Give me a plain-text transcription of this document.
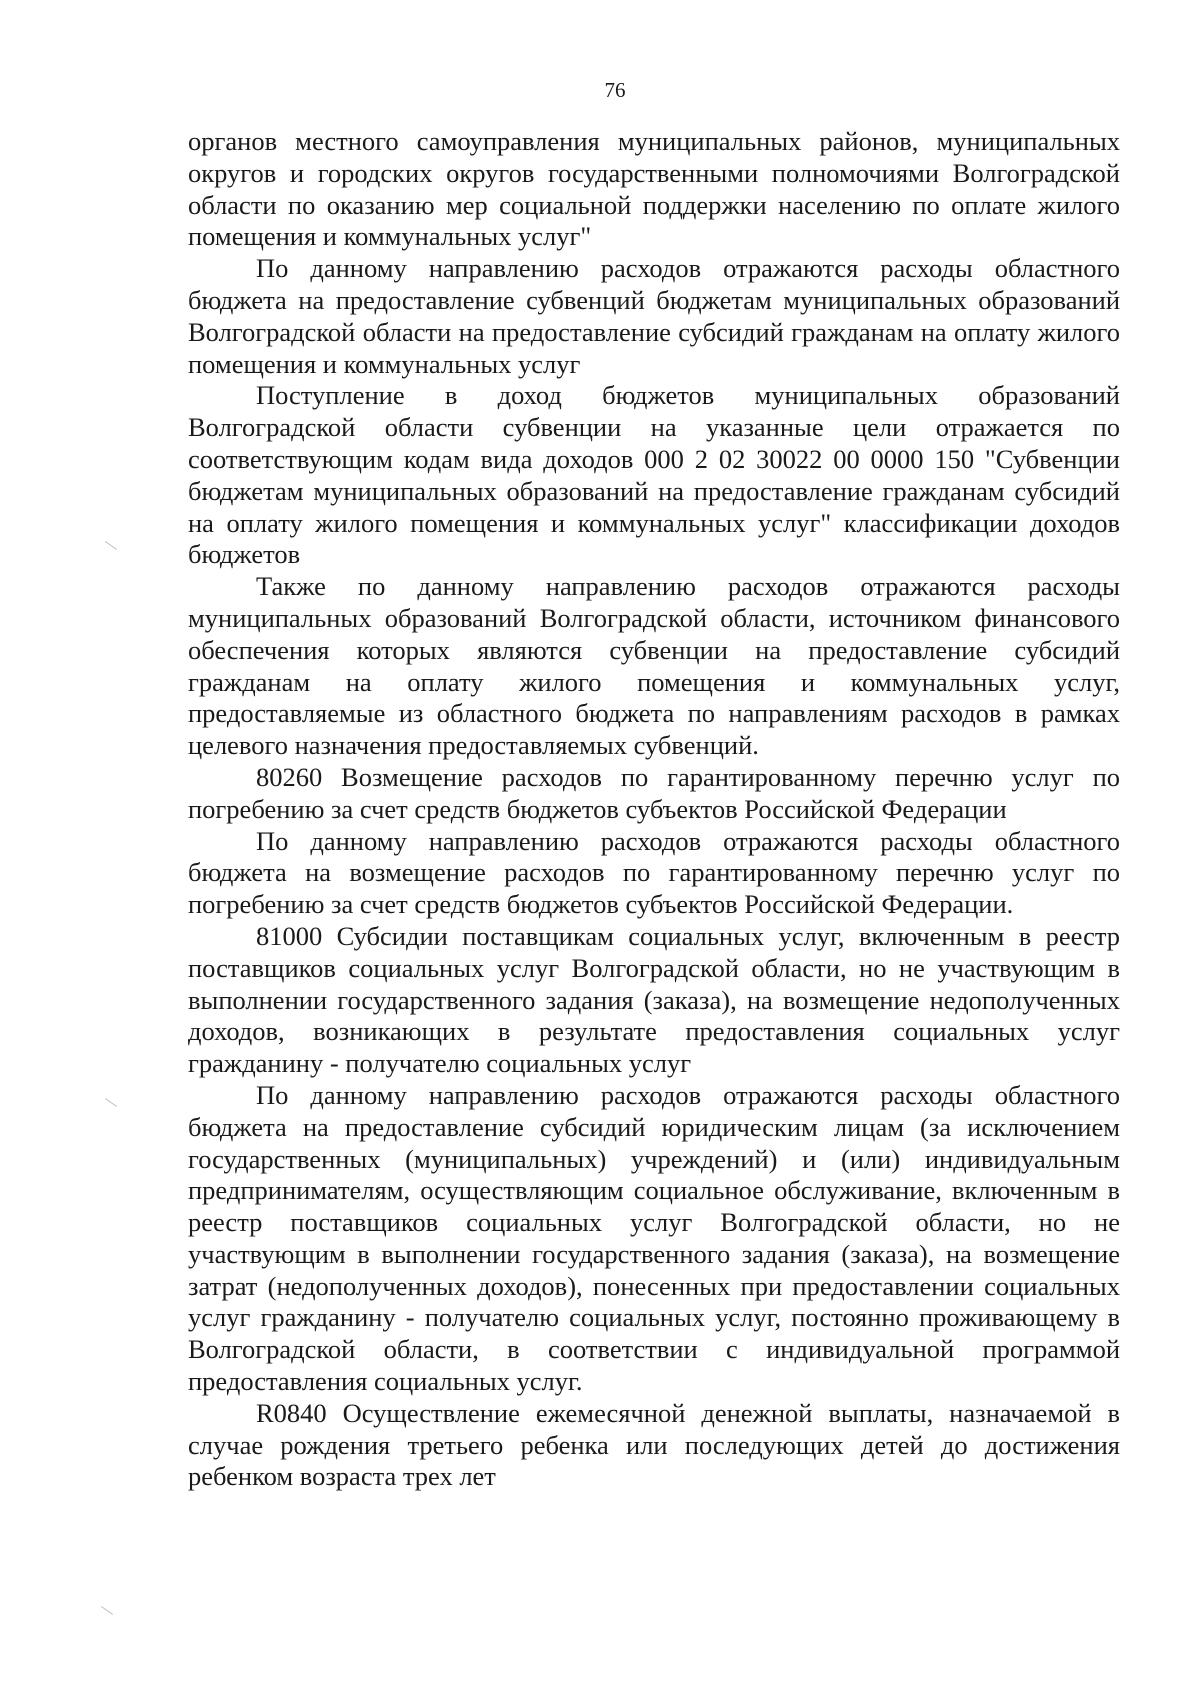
76

органов местного самоуправления муниципальных районов, муниципальных округов и городских округов государственными полномочиями Волгоградской области по оказанию мер социальной поддержки населению по оплате жилого помещения и коммунальных услуг"

По данному направлению расходов отражаются расходы областного бюджета на предоставление субвенций бюджетам муниципальных образований Волгоградской области на предоставление субсидий гражданам на оплату жилого помещения и коммунальных услуг

Поступление в доход бюджетов муниципальных образований Волгоградской области субвенции на указанные цели отражается по соответствующим кодам вида доходов 000 2 02 30022 00 0000 150 "Субвенции бюджетам муниципальных образований на предоставление гражданам субсидий на оплату жилого помещения и коммунальных услуг" классификации доходов бюджетов

Также по данному направлению расходов отражаются расходы муниципальных образований Волгоградской области, источником финансового обеспечения которых являются субвенции на предоставление субсидий гражданам на оплату жилого помещения и коммунальных услуг, предоставляемые из областного бюджета по направлениям расходов в рамках целевого назначения предоставляемых субвенций.

80260 Возмещение расходов по гарантированному перечню услуг по погребению за счет средств бюджетов субъектов Российской Федерации

По данному направлению расходов отражаются расходы областного бюджета на возмещение расходов по гарантированному перечню услуг по погребению за счет средств бюджетов субъектов Российской Федерации.

81000 Субсидии поставщикам социальных услуг, включенным в реестр поставщиков социальных услуг Волгоградской области, но не участвующим в выполнении государственного задания (заказа), на возмещение недополученных доходов, возникающих в результате предоставления социальных услуг гражданину - получателю социальных услуг

По данному направлению расходов отражаются расходы областного бюджета на предоставление субсидий юридическим лицам (за исключением государственных (муниципальных) учреждений) и (или) индивидуальным предпринимателям, осуществляющим социальное обслуживание, включенным в реестр поставщиков социальных услуг Волгоградской области, но не участвующим в выполнении государственного задания (заказа), на возмещение затрат (недополученных доходов), понесенных при предоставлении социальных услуг гражданину - получателю социальных услуг, постоянно проживающему в Волгоградской области, в соответствии с индивидуальной программой предоставления социальных услуг.

R0840 Осуществление ежемесячной денежной выплаты, назначаемой в случае рождения третьего ребенка или последующих детей до достижения ребенком возраста трех лет
